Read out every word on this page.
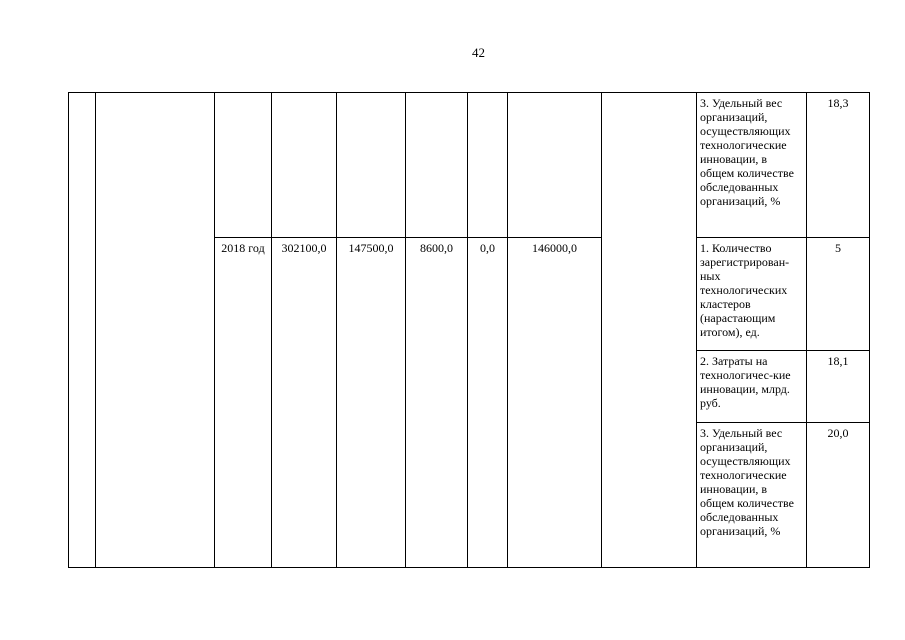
42
									3. Удельный вес организаций, осуществляющих технологические инновации, в общем количестве обследованных организаций, %	18,3
		2018 год	302100,0	147500,0	8600,0	0,0	146000,0		1. Количество зарегистрирован-ных технологических кластеров (нарастающим итогом), ед.	5
									2. Затраты на технологичес-кие инновации, млрд. руб.	18,1
									3. Удельный вес организаций, осуществляющих технологические инновации, в общем количестве обследованных организаций, %	20,0
